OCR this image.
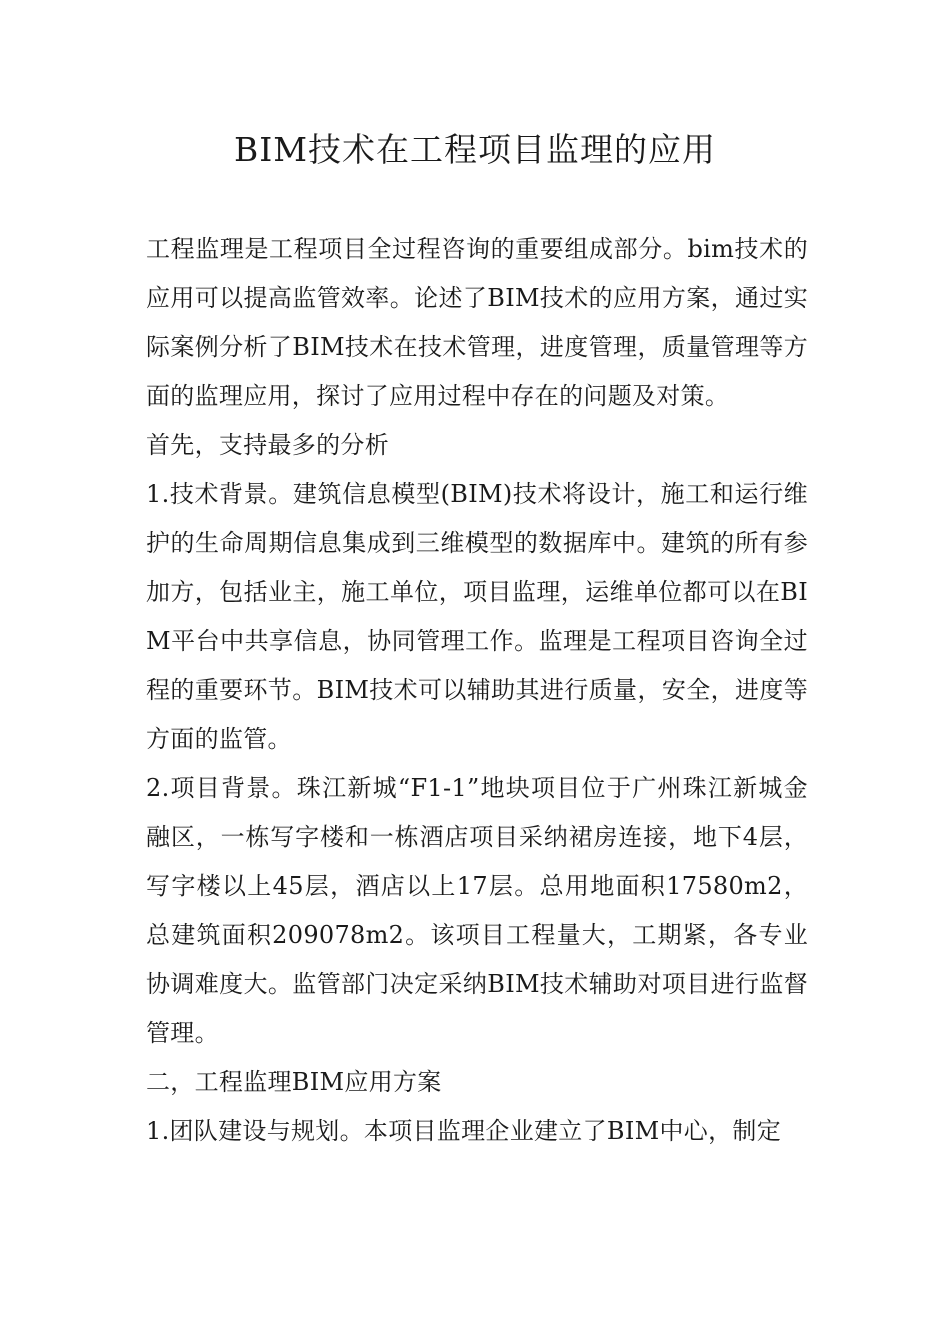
BIM技术在工程项目监理的应用

工程监理是工程项目全过程咨询的重要组成部分。bim技术的应用可以提高监管效率。论述了BIM技术的应用方案，通过实际案例分析了BIM技术在技术管理，进度管理，质量管理等方面的监理应用，探讨了应用过程中存在的问题及对策。

首先，支持最多的分析

1.技术背景。建筑信息模型(BIM)技术将设计，施工和运行维护的生命周期信息集成到三维模型的数据库中。建筑的所有参加方，包括业主，施工单位，项目监理，运维单位都可以在BIM平台中共享信息，协同管理工作。监理是工程项目咨询全过程的重要环节。BIM技术可以辅助其进行质量，安全，进度等方面的监管。

2.项目背景。珠江新城“F1-1”地块项目位于广州珠江新城金融区，一栋写字楼和一栋酒店项目采纳裙房连接，地下4层，写字楼以上45层，酒店以上17层。总用地面积17580m2，总建筑面积209078m2。该项目工程量大，工期紧，各专业协调难度大。监管部门决定采纳BIM技术辅助对项目进行监督管理。

二，工程监理BIM应用方案

1.团队建设与规划。本项目监理企业建立了BIM中心，制定
